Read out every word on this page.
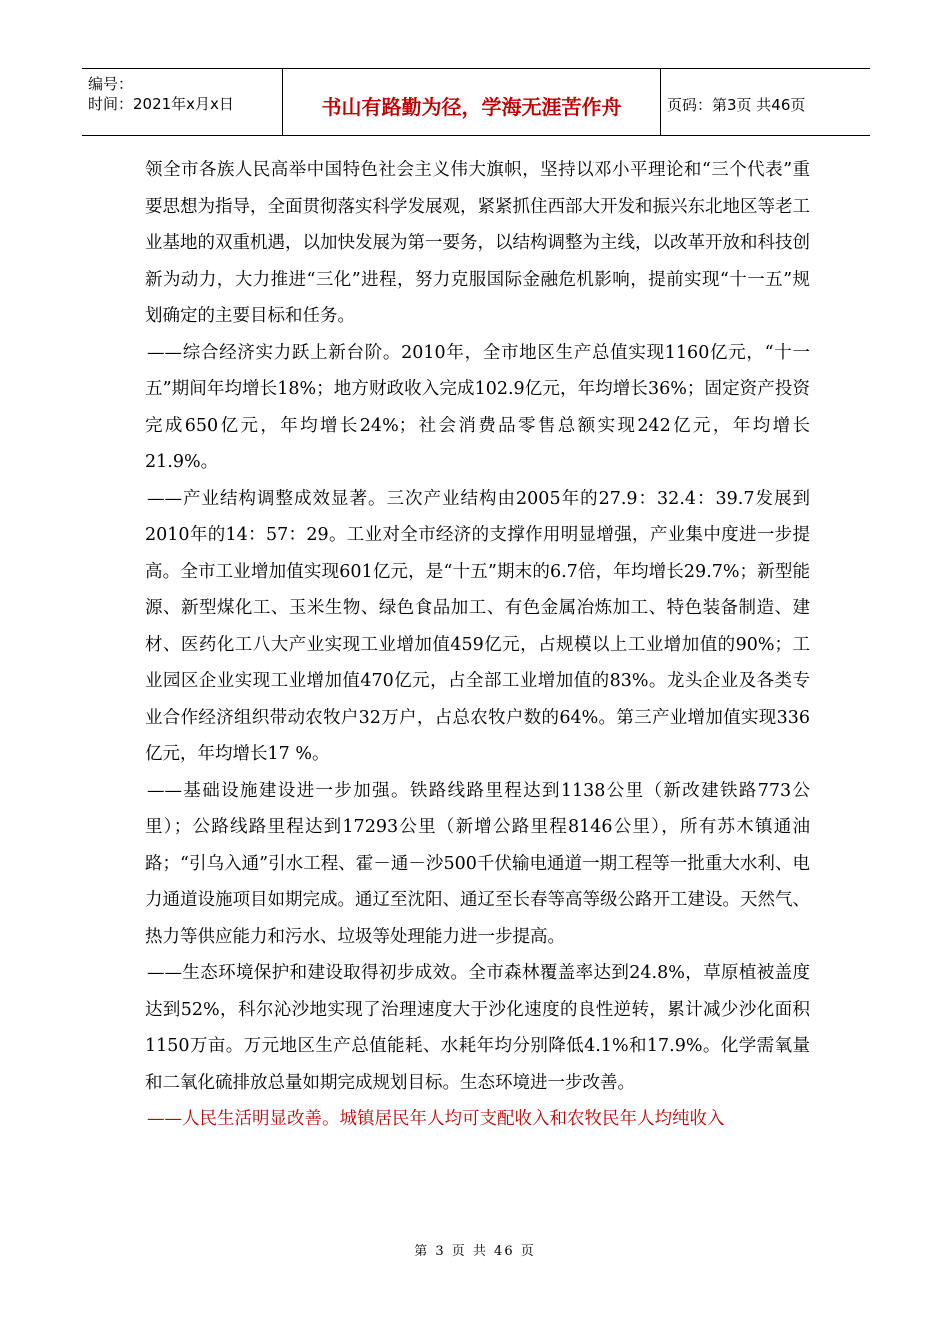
编号：
时间：2021年x月x日	书山有路勤为径，学海无涯苦作舟	页码：第3页 共46页

领全市各族人民高举中国特色社会主义伟大旗帜，坚持以邓小平理论和“三个代表”重要思想为指导，全面贯彻落实科学发展观，紧紧抓住西部大开发和振兴东北地区等老工业基地的双重机遇，以加快发展为第一要务，以结构调整为主线，以改革开放和科技创新为动力，大力推进“三化”进程，努力克服国际金融危机影响，提前实现“十一五”规划确定的主要目标和任务。

——综合经济实力跃上新台阶。2010年，全市地区生产总值实现1160亿元，“十一五”期间年均增长18%；地方财政收入完成102.9亿元，年均增长36%；固定资产投资完成650亿元，年均增长24%；社会消费品零售总额实现242亿元，年均增长21.9%。

——产业结构调整成效显著。三次产业结构由2005年的27.9：32.4：39.7发展到2010年的14：57：29。工业对全市经济的支撑作用明显增强，产业集中度进一步提高。全市工业增加值实现601亿元，是“十五”期末的6.7倍，年均增长29.7%；新型能源、新型煤化工、玉米生物、绿色食品加工、有色金属冶炼加工、特色装备制造、建材、医药化工八大产业实现工业增加值459亿元，占规模以上工业增加值的90%；工业园区企业实现工业增加值470亿元，占全部工业增加值的83%。龙头企业及各类专业合作经济组织带动农牧户32万户，占总农牧户数的64%。第三产业增加值实现336亿元，年均增长17 %。

——基础设施建设进一步加强。铁路线路里程达到1138公里（新改建铁路773公里）；公路线路里程达到17293公里（新增公路里程8146公里），所有苏木镇通油路；“引乌入通”引水工程、霍－通－沙500千伏输电通道一期工程等一批重大水利、电力通道设施项目如期完成。通辽至沈阳、通辽至长春等高等级公路开工建设。天然气、热力等供应能力和污水、垃圾等处理能力进一步提高。

——生态环境保护和建设取得初步成效。全市森林覆盖率达到24.8%，草原植被盖度达到52%，科尔沁沙地实现了治理速度大于沙化速度的良性逆转，累计减少沙化面积1150万亩。万元地区生产总值能耗、水耗年均分别降低4.1%和17.9%。化学需氧量和二氧化硫排放总量如期完成规划目标。生态环境进一步改善。

——人民生活明显改善。城镇居民年人均可支配收入和农牧民年人均纯收入

第 3 页 共 46 页
